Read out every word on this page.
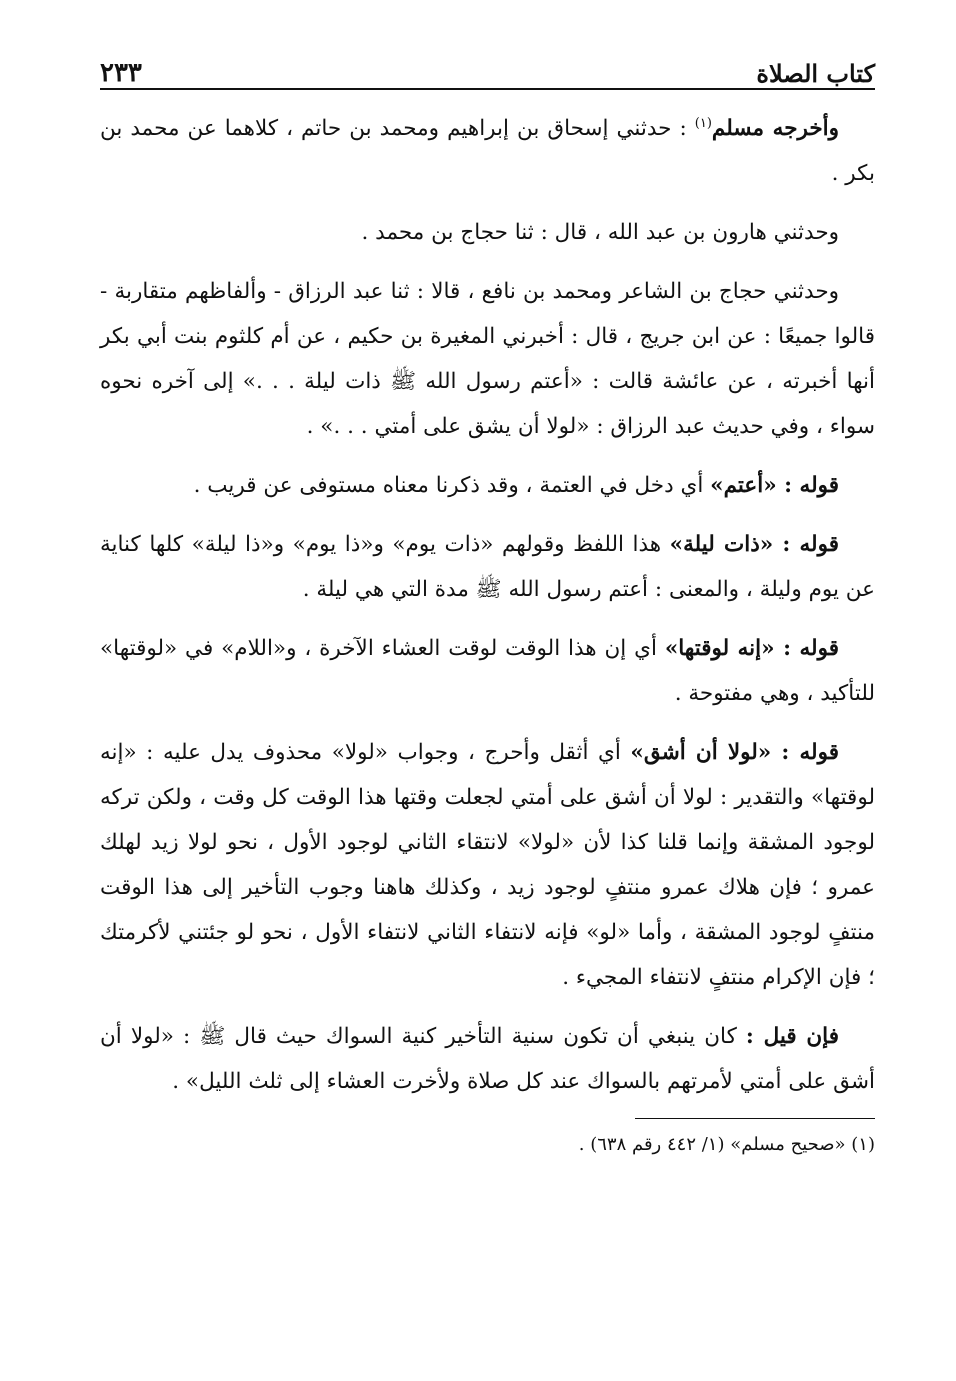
كتاب الصلاة
٢٣٣

وأخرجه مسلم$^{(١)}$ : حدثني إسحاق بن إبراهيم ومحمد بن حاتم ، كلاهما عن محمد بن بكر .

وحدثني هارون بن عبد الله ، قال : ثنا حجاج بن محمد .

وحدثني حجاج بن الشاعر ومحمد بن نافع ، قالا : ثنا عبد الرزاق - وألفاظهم متقاربة - قالوا جميعًا : عن ابن جريج ، قال : أخبرني المغيرة بن حكيم ، عن أم كلثوم بنت أبي بكر أنها أخبرته ، عن عائشة قالت : «أعتم رسول الله ﷺ ذات ليلة . . .» إلى آخره نحوه سواء ، وفي حديث عبد الرزاق : «لولا أن يشق على أمتي . . .» .

قوله : «أعتم» أي دخل في العتمة ، وقد ذكرنا معناه مستوفى عن قريب .

قوله : «ذات ليلة» هذا اللفظ وقولهم «ذات يوم» و«ذا يوم» و«ذا ليلة» كلها كناية عن يوم وليلة ، والمعنى : أعتم رسول الله ﷺ مدة التي هي ليلة .

قوله : «إنه لوقتها» أي إن هذا الوقت لوقت العشاء الآخرة ، و«اللام» في «لوقتها» للتأكيد ، وهي مفتوحة .

قوله : «لولا أن أشق» أي أثقل وأحرج ، وجواب «لولا» محذوف يدل عليه : «إنه لوقتها» والتقدير : لولا أن أشق على أمتي لجعلت وقتها هذا الوقت كل وقت ، ولكن تركه لوجود المشقة وإنما قلنا كذا لأن «لولا» لانتقاء الثاني لوجود الأول ، نحو لولا زيد لهلك عمرو ؛ فإن هلاك عمرو منتفٍ لوجود زيد ، وكذلك هاهنا وجوب التأخير إلى هذا الوقت منتفٍ لوجود المشقة ، وأما «لو» فإنه لانتفاء الثاني لانتفاء الأول ، نحو لو جئتني لأكرمتك ؛ فإن الإكرام منتفٍ لانتفاء المجيء .

فإن قيل : كان ينبغي أن تكون سنية التأخير كنية السواك حيث قال ﷺ : «لولا أن أشق على أمتي لأمرتهم بالسواك عند كل صلاة ولأخرت العشاء إلى ثلث الليل» .

(١) «صحيح مسلم» (١/ ٤٤٢ رقم ٦٣٨) .
